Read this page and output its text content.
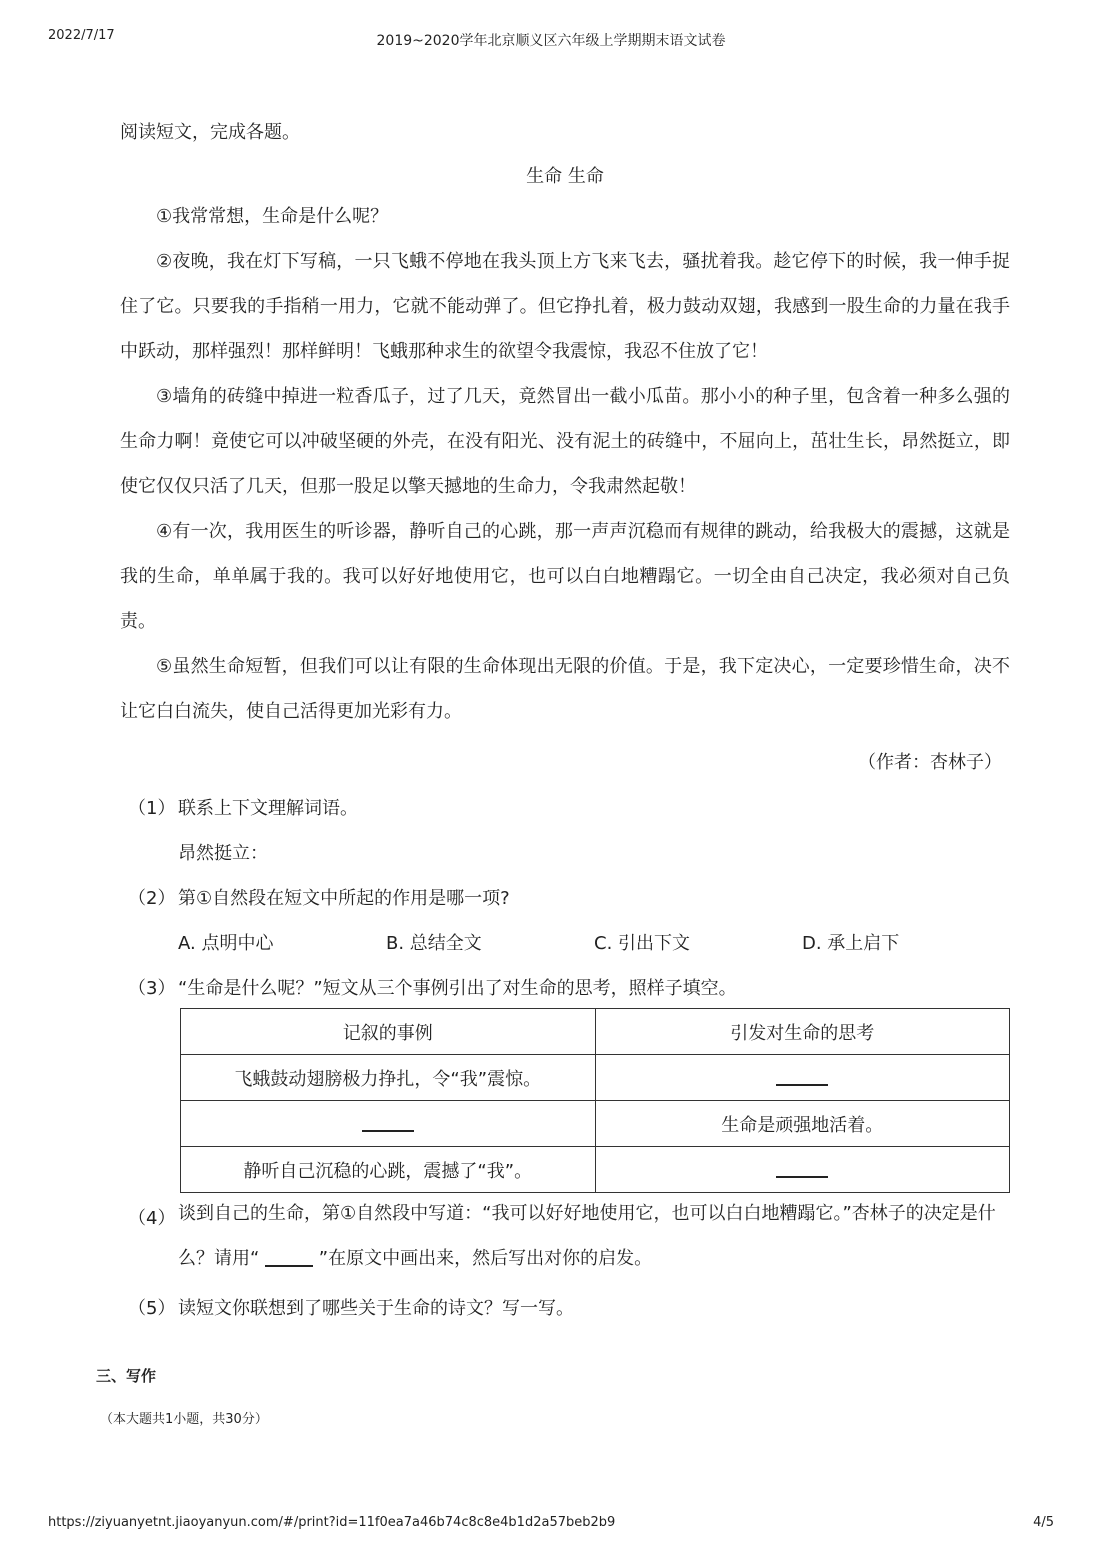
2022/7/17	2019~2020学年北京顺义区六年级上学期期末语文试卷
阅读短文，完成各题。
生命 生命
①我常常想，生命是什么呢？
②夜晚，我在灯下写稿，一只飞蛾不停地在我头顶上方飞来飞去，骚扰着我。趁它停下的时候，我一伸手捉住了它。只要我的手指稍一用力，它就不能动弹了。但它挣扎着，极力鼓动双翅，我感到一股生命的力量在我手中跃动，那样强烈！那样鲜明！飞蛾那种求生的欲望令我震惊，我忍不住放了它！
③墙角的砖缝中掉进一粒香瓜子，过了几天，竟然冒出一截小瓜苗。那小小的种子里，包含着一种多么强的生命力啊！竟使它可以冲破坚硬的外壳，在没有阳光、没有泥土的砖缝中，不屈向上，茁壮生长，昂然挺立，即使它仅仅只活了几天，但那一股足以擎天撼地的生命力，令我肃然起敬！
④有一次，我用医生的听诊器，静听自己的心跳，那一声声沉稳而有规律的跳动，给我极大的震撼，这就是我的生命，单单属于我的。我可以好好地使用它，也可以白白地糟蹋它。一切全由自己决定，我必须对自己负责。
⑤虽然生命短暂，但我们可以让有限的生命体现出无限的价值。于是，我下定决心，一定要珍惜生命，决不让它白白流失，使自己活得更加光彩有力。
（作者：杏林子）
（1） 联系上下文理解词语。
昂然挺立：
（2） 第①自然段在短文中所起的作用是哪一项?
A. 点明中心	B. 总结全文	C. 引出下文	D. 承上启下
（3） “生命是什么呢？”短文从三个事例引出了对生命的思考，照样子填空。
记叙的事例	引发对生命的思考
飞蛾鼓动翅膀极力挣扎，令“我”震惊。	
	生命是顽强地活着。
静听自己沉稳的心跳，震撼了“我”。	
（4） 谈到自己的生命，第①自然段中写道：“我可以好好地使用它，也可以白白地糟蹋它。”杏林子的决定是什么？请用“	”在原文中画出来，然后写出对你的启发。
（5） 读短文你联想到了哪些关于生命的诗文？写一写。
三、写作
（本大题共1小题，共30分）
https://ziyuanyetnt.jiaoyanyun.com/#/print?id=11f0ea7a46b74c8c8e4b1d2a57beb2b9	4/5
